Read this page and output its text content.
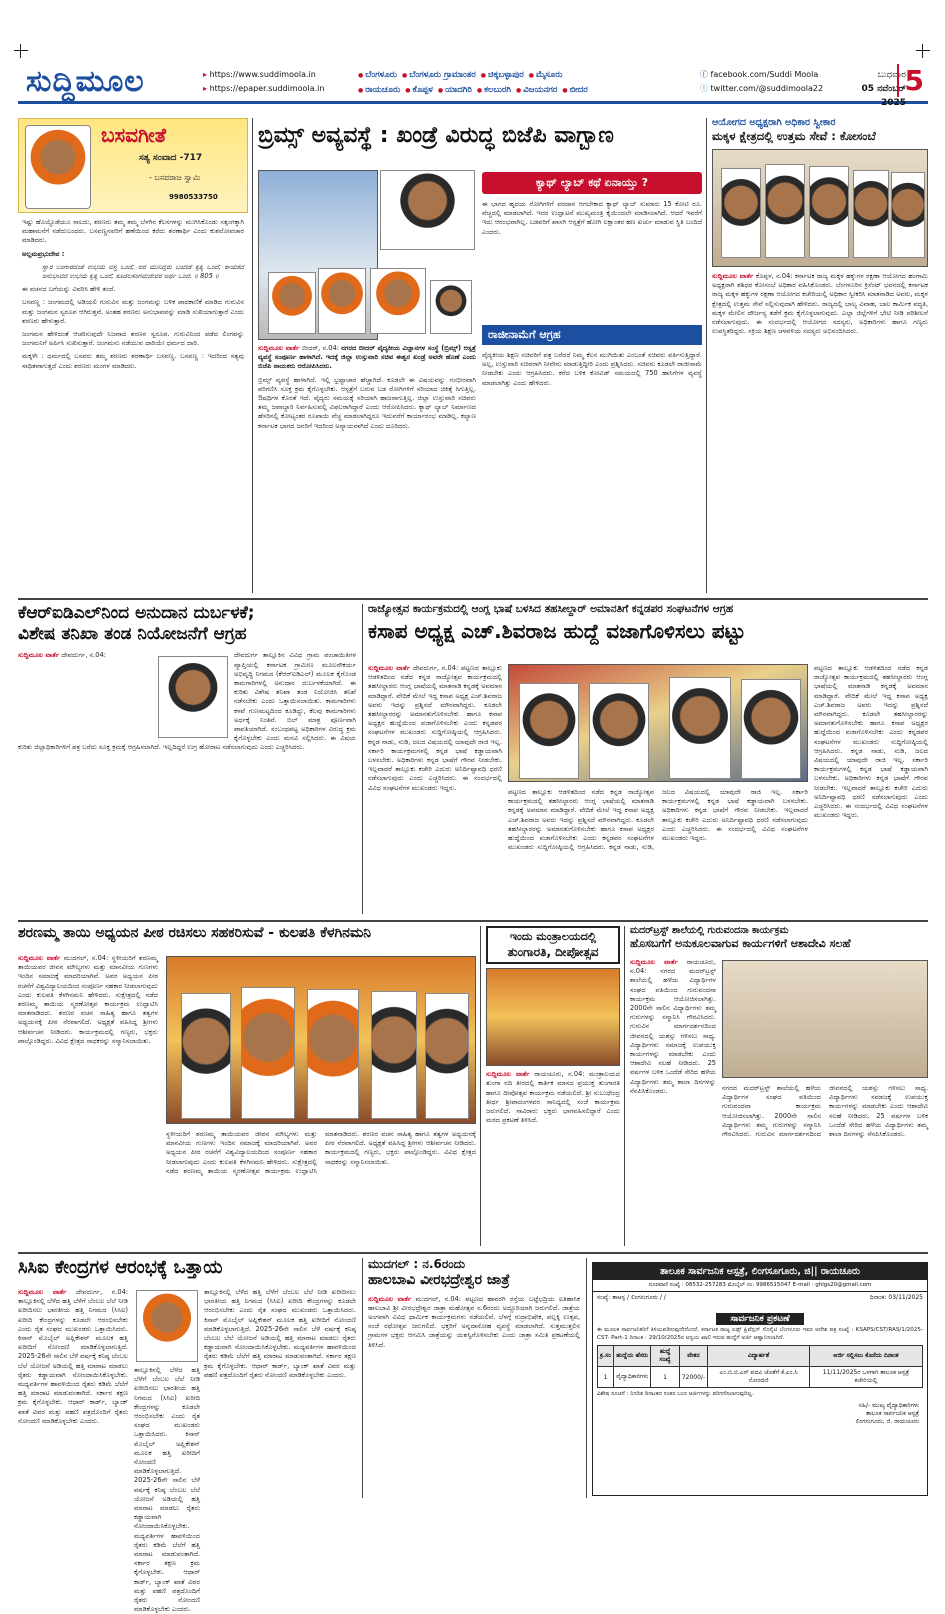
ಸುದ್ದಿಮೂಲ	▸ https://www.suddimoola.in
▸ https://epaper.suddimoola.in
● ಬೆಂಗಳೂರು ● ಬೆಂಗಳೂರು ಗ್ರಾಮಾಂತರ ● ಚಿಕ್ಕಬಳ್ಳಾಪುರ ● ಮೈಸೂರು
● ರಾಯಚೂರು ● ಕೊಪ್ಪಳ ● ಯಾದಗಿರಿ ● ಕಲಬುರಗಿ ● ವಿಜಯನಗರ ● ಬೀದರ
ⓕ facebook.com/Suddi Moola
ⓣ twitter.com/@suddimoola22
ಬುಧವಾರ
05 ನವೆಂಬರ್ 2025
5
ಬಸವಗೀತೆ
ಸತ್ಯ ಸಂವಾದ -717
- ಬಸವರಾಜ ಸ್ವಾಮಿ
9980533750

ಇಷ್ಟು ಹೊಯ್ದೊಡೆಯೂ ಸಾಲದು, ಶರಣರು ತಮ್ಮ ತಮ್ಮ ಬೆಳಗಿನ ಕೆಲಸಗಳನ್ನು ಮುಗಿಸಿಕೊಂಡು ಸತ್ಸಂಗಕ್ಕಾಗಿ ಮಹಾಮನೆಗೆ ನಡೆದುಬಂದರು. ಬಸವಣ್ಣನವರಿಗೆ ಹಣೆಯಿಂದ ಕರೆದು ಶರಣಾರ್ಥಿ ಎಂದು ಕುಶಲೋಪಚಾರ ಮಾಡಿದರು.

ಅಲ್ಲಮಪ್ರಭುದೇವ :

ಸ್ವಾರ ಬಂಗಾರದಂತೆ ಉಭಯ ವಸ್ತ ಒಂದೆ; ಆರ ಮುನಿದ್ದರು ಬಂದಡೆ ಕೃತ್ಯ ಒಂದೆ; ಕಾಯಕದ ಅನುಭಾವದ ಉಭಯ ಕೃತ್ಯ ಒಂದೆ; ಕೂಡಲಸಂಗಮದೇವರ ಅರ್ಥ ಒಂದೆ. ॥ 805 ॥

ಈ ವಚನದ ಬಗೆಯನ್ನು ವಿವರಿಸಿ ಹೇಳಿ ತಂದೆ.

ಬಸವಣ್ಣ : ಜಂಗಮದಲ್ಲಿ ಅಡಿಯಲಿ ಗುರುವಿನ ಮತ್ತು ಜಂಗಮನ್ನು ಬಳಿಕ ಪಾದಕಾಣಿಕೆ ಮಾಡಿದ ಗುರುವಿನ ಮತ್ತು ಜಂಗಮನ ಸ್ವರೂಪ ಆಗಿರುತ್ತವೆ. ಅಂತಹ ಶರಣರು ಅನುಭಾವವನ್ನು ಮಾಡಿ ಸುಖಿಯಾಗುತ್ತಾರೆ ಎಂದು ಶರಣರು ಹೇಳುತ್ತಾರೆ.

ಜಂಗಮನ ಹೇಳಿದಂತೆ ಆಚರಿಸುವುದೇ ನಿಜವಾದ ಶರಣನ ಸ್ವರೂಪ. ಗುರುವಿನಿಂದ ಪಡೆದ ಲಿಂಗವನ್ನು ಜಂಗಮನಿಗೆ ಅರ್ಪಿಸಿ ಸುಖಿಸುತ್ತಾರೆ. ಜಂಗಮನು ನಡೆಯುವ ದಾರಿಯೇ ಧರ್ಮದ ದಾರಿ.

ಮಕ್ಕಳೇ : ಧರ್ಮದಲ್ಲಿ ಬಸವರು ತಮ್ಮ ಶರಣರು ಶರಣಾರ್ಥಿ ಬಸವಣ್ಣ. ಬಸವಣ್ಣ : ಇದರಿಂದ ಸತ್ಯವು ಸಾಧಿತವಾಗುತ್ತದೆ ಎಂದು ಶರಣರು ಮಂಗಳ ಮಾಡಿದರು.

ಬ್ರಿಮ್ಸ್ ಅವ್ಯವಸ್ಥೆ : ಖಂಡ್ರೆ ವಿರುದ್ಧ ಬಿಜೆಪಿ ವಾಗ್ಬಾಣ

ಸುದ್ದಿಮೂಲ ವಾರ್ತೆ ಬೀದರ್, ನ.04: ನಗರದ ಬೀದರ್ ವೈದ್ಯಕೀಯ ವಿಜ್ಞಾನಗಳ ಸಂಸ್ಥೆ (ಬ್ರಿಮ್ಸ್) ಆಸ್ಪತ್ರೆ ವ್ಯವಸ್ಥೆ ಸಂಪೂರ್ಣ ಹಾಳಾಗಿದೆ. ಇದಕ್ಕೆ ಜಿಲ್ಲಾ ಉಸ್ತುವಾರಿ ಸಚಿವ ಈಶ್ವರ ಖಂಡ್ರೆ ಅವರೇ ಹೊಣೆ ಎಂದು ಬಿಜೆಪಿ ನಾಯಕರು ಆರೋಪಿಸಿದರು.

ಬ್ರಿಮ್ಸ್ ವ್ಯವಸ್ಥೆ ಹಾಳಾಗಿದೆ. ಇಲ್ಲಿ ಭ್ರಷ್ಟಾಚಾರ ಹೆಚ್ಚಾಗಿದೆ. ಕೂಡಲೇ ಈ ವಿಷಯವನ್ನು ಗಂಭೀರವಾಗಿ ಪರಿಗಣಿಸಿ ಸೂಕ್ತ ಕ್ರಮ ಕೈಗೊಳ್ಳಬೇಕು. ಆಸ್ಪತ್ರೆಗೆ ಬರುವ ಬಡ ರೋಗಿಗಳಿಗೆ ಸರಿಯಾದ ಚಿಕಿತ್ಸೆ ಸಿಗುತ್ತಿಲ್ಲ. ಔಷಧಿಗಳ ಕೊರತೆ ಇದೆ. ವೈದ್ಯರು ಸಮಯಕ್ಕೆ ಸರಿಯಾಗಿ ಹಾಜರಾಗುತ್ತಿಲ್ಲ. ಜಿಲ್ಲಾ ಉಸ್ತುವಾರಿ ಸಚಿವರು ತಮ್ಮ ಜವಾಬ್ದಾರಿ ನಿರ್ವಹಿಸುವಲ್ಲಿ ವಿಫಲರಾಗಿದ್ದಾರೆ ಎಂದು ಆರೋಪಿಸಿದರು. ಕ್ಯಾಥ್ ಲ್ಯಾಬ್ ನಿರ್ಮಾಣದ ಹೆಸರಿನಲ್ಲಿ ಕೋಟ್ಯಂತರ ರೂಪಾಯಿ ವೆಚ್ಚ ಮಾಡಲಾಗಿದ್ದರೂ ಇದುವರೆಗೆ ಕಾರ್ಯಾರಂಭ ಮಾಡಿಲ್ಲ. ಕಲ್ಯಾಣ ಕರ್ನಾಟಕ ಭಾಗದ ಜನರಿಗೆ ಇದರಿಂದ ಅನ್ಯಾಯವಾಗಿದೆ ಎಂದು ದೂರಿದರು.

ಕ್ಯಾಥ್ ಲ್ಯಾಬ್ ಕಥೆ ಏನಾಯ್ತು ?
ಈ ಭಾಗದ ಹೃದಯ ರೋಗಿಗಳಿಗೆ ವರದಾನ ಆಗಬೇಕಾದ ಕ್ಯಾಥ್ ಲ್ಯಾಬ್ ಸುಮಾರು 15 ಕೋಟಿ ರೂ. ವೆಚ್ಚದಲ್ಲಿ ಮಾಡಲಾಗಿದೆ. ಇದರ ಉದ್ಘಾಟನೆ ಮುಖ್ಯಮಂತ್ರಿ ಕೈಯಿಂದಲೇ ಮಾಡಿಸಲಾಗಿದೆ. ಆದರೆ ಇವರೆಗೆ ಇದು ಆರಂಭವಾಗಿಲ್ಲ. ಬಡವರಿಗೆ ಖಾಸಗಿ ಆಸ್ಪತ್ರೆಗೆ ಹೋಗಿ ಲಕ್ಷಾಂತರ ಹಣ ಖರ್ಚು ಮಾಡುವ ಸ್ಥಿತಿ ಬಂದಿದೆ ಎಂದರು.
ರಾಜೀನಾಮೆಗೆ ಆಗ್ರಹ
ವೈದ್ಯಕೀಯ ಶಿಕ್ಷಣ ಸಚಿವರಿಗೆ ಪತ್ರ ಬರೆದರೆ ನಿಮ್ಮ ಕೆಲಸ ಮುಗಿಯಿತು ಎಂಬಂತೆ ಸಚಿವರು ವರ್ತಿಸುತ್ತಿದ್ದಾರೆ. ಅಲ್ಲ, ಉಸ್ತುವಾರಿ ಸಚಿವರಾಗಿ ನೀವೇನು ಮಾಡುತ್ತಿದ್ದೀರಿ ಎಂದು ಪ್ರಶ್ನಿಸಿದರು. ಸಚಿವರು ಕೂಡಲೇ ರಾಜೀನಾಮೆ ನೀಡಬೇಕು ಎಂದು ಆಗ್ರಹಿಸಿದರು. ಕರೆದ ಬಳಿಕ ಕೋವಿಡ್‌ ಸಮಯದಲ್ಲಿ 750 ಹಾಸಿಗೆಗಳ ವ್ಯವಸ್ಥೆ ಮಾಡಲಾಗಿತ್ತು ಎಂದು ಹೇಳಿದರು.
ಆಯೋಗದ ಅಧ್ಯಕ್ಷರಾಗಿ ಅಧಿಕಾರ ಸ್ವೀಕಾರ
ಮಕ್ಕಳ ಕ್ಷೇತ್ರದಲ್ಲಿ ಉತ್ತಮ ಸೇವೆ : ಕೋಸಂಬೆ

ಸುದ್ದಿಮೂಲ ವಾರ್ತೆ ಕೊಪ್ಪಳ, ನ.04: ಕರ್ನಾಟಕ ರಾಜ್ಯ ಮಕ್ಕಳ ಹಕ್ಕುಗಳ ರಕ್ಷಣಾ ಆಯೋಗದ ಹಂಗಾಮಿ ಅಧ್ಯಕ್ಷರಾಗಿ ಶಶಿಧರ ಕೋಸಂಬೆ ಅಧಿಕಾರ ವಹಿಸಿಕೊಂಡರು. ಬೆಂಗಳೂರಿನ ಕ್ರಿಸೆಂಟ್ ಭವನದಲ್ಲಿ ಕರ್ನಾಟಕ ರಾಜ್ಯ ಮಕ್ಕಳ ಹಕ್ಕುಗಳ ರಕ್ಷಣಾ ಆಯೋಗದ ಕಚೇರಿಯಲ್ಲಿ ಅಧಿಕಾರ ಸ್ವೀಕರಿಸಿ ಮಾತನಾಡಿದ ಅವರು, ಮಕ್ಕಳ ಕ್ಷೇತ್ರದಲ್ಲಿ ಉತ್ತಮ ಸೇವೆ ಸಲ್ಲಿಸುವುದಾಗಿ ಹೇಳಿದರು. ರಾಜ್ಯದಲ್ಲಿ ಬಾಲ್ಯ ವಿವಾಹ, ಬಾಲ ಕಾರ್ಮಿಕ ಪದ್ಧತಿ, ಮಕ್ಕಳ ಮೇಲಿನ ದೌರ್ಜನ್ಯ ತಡೆಗೆ ಕ್ರಮ ಕೈಗೊಳ್ಳಲಾಗುವುದು. ಎಲ್ಲಾ ಜಿಲ್ಲೆಗಳಿಗೆ ಭೇಟಿ ನೀಡಿ ಪರಿಶೀಲನೆ ನಡೆಸಲಾಗುವುದು. ಈ ಸಂದರ್ಭದಲ್ಲಿ ಆಯೋಗದ ಸದಸ್ಯರು, ಅಧಿಕಾರಿಗಳು ಹಾಗೂ ಗಣ್ಯರು ಉಪಸ್ಥಿತರಿದ್ದರು. ಸಕ್ರಿಯ ಶಿಕ್ಷಣ ಚಳವಳಿಯ ಸದಸ್ಯರು ಅಭಿನಂದಿಸಿದರು.

ಕೆಆರ್‌ಐಡಿಎಲ್‌ನಿಂದ ಅನುದಾನ ದುರ್ಬಳಕೆ;
ವಿಶೇಷ ತನಿಖಾ ತಂಡ ನಿಯೋಜನೆಗೆ ಆಗ್ರಹ

ಸುದ್ದಿಮೂಲ ವಾರ್ತೆ ದೇವದುರ್ಗ, ನ.04:	ದೇವದುರ್ಗ ತಾಲ್ಲೂಕಿನ ವಿವಿಧ ಗ್ರಾಮ ಪಂಚಾಯಿತಿಗಳ ವ್ಯಾಪ್ತಿಯಲ್ಲಿ ಕರ್ನಾಟಕ ಗ್ರಾಮೀಣ ಮೂಲಸೌಕರ್ಯ ಅಭಿವೃದ್ಧಿ ನಿಗಮದ (ಕೆಆರ್‌ಐಡಿಎಲ್) ಮೂಲಕ ಕೈಗೊಂಡ ಕಾಮಗಾರಿಗಳಲ್ಲಿ ಅನುದಾನ ದುರ್ಬಳಕೆಯಾಗಿದೆ. ಈ ಕುರಿತು ವಿಶೇಷ ತನಿಖಾ ತಂಡ ನಿಯೋಜಿಸಿ ತನಿಖೆ ನಡೆಸಬೇಕು ಎಂದು ಒತ್ತಾಯಿಸಲಾಯಿತು. ಕಾಮಗಾರಿಗಳು ಕಳಪೆ ಗುಣಮಟ್ಟದಿಂದ ಕೂಡಿದ್ದು, ಕೆಲವು ಕಾಮಗಾರಿಗಳು ಅರ್ಧಕ್ಕೆ ನಿಂತಿವೆ. ಬಿಲ್ ಮಾತ್ರ ಪೂರ್ಣವಾಗಿ ಪಾವತಿಯಾಗಿದೆ. ಸಂಬಂಧಪಟ್ಟ ಅಧಿಕಾರಿಗಳ ವಿರುದ್ಧ ಕ್ರಮ ಕೈಗೊಳ್ಳಬೇಕು ಎಂದು ಮನವಿ ಸಲ್ಲಿಸಿದರು. ಈ ವಿಷಯ ಕುರಿತು ಜಿಲ್ಲಾಧಿಕಾರಿಗಳಿಗೆ ಪತ್ರ ಬರೆದು ಸೂಕ್ತ ಕ್ರಮಕ್ಕೆ ಆಗ್ರಹಿಸಲಾಗಿದೆ. ಇಲ್ಲದಿದ್ದರೆ ಉಗ್ರ ಹೋರಾಟ ನಡೆಸಲಾಗುವುದು ಎಂದು ಎಚ್ಚರಿಸಿದರು.

ರಾಜ್ಯೋತ್ಸವ ಕಾರ್ಯಕ್ರಮದಲ್ಲಿ ಆಂಗ್ಲ ಭಾಷೆ ಬಳಸಿದ ತಹಸೀಲ್ದಾರ್ ಅಮಾನತಿಗೆ ಕನ್ನಡಪರ ಸಂಘಟನೆಗಳ ಆಗ್ರಹ
ಕಸಾಪ ಅಧ್ಯಕ್ಷ ಎಚ್.ಶಿವರಾಜ ಹುದ್ದೆ ವಜಾಗೊಳಿಸಲು ಪಟ್ಟು

ಸುದ್ದಿಮೂಲ ವಾರ್ತೆ ದೇವದುರ್ಗ, ನ.04: ಪಟ್ಟಣದ ತಾಲ್ಲೂಕು ಆಡಳಿತದಿಂದ ನಡೆದ ಕನ್ನಡ ರಾಜ್ಯೋತ್ಸವ ಕಾರ್ಯಕ್ರಮದಲ್ಲಿ ತಹಸೀಲ್ದಾರರು ಆಂಗ್ಲ ಭಾಷೆಯಲ್ಲಿ ಮಾತನಾಡಿ ಕನ್ನಡಕ್ಕೆ ಅವಮಾನ ಮಾಡಿದ್ದಾರೆ. ವೇದಿಕೆ ಮೇಲೆ ಇದ್ದ ಕಸಾಪ ಅಧ್ಯಕ್ಷ ಎಚ್.ಶಿವರಾಜ ಅವರು ಇದನ್ನು ಪ್ರಶ್ನಿಸದೆ ಮೌನವಾಗಿದ್ದರು. ಕೂಡಲೇ ತಹಸೀಲ್ದಾರರನ್ನು ಅಮಾನತುಗೊಳಿಸಬೇಕು ಹಾಗೂ ಕಸಾಪ ಅಧ್ಯಕ್ಷರ ಹುದ್ದೆಯಿಂದ ವಜಾಗೊಳಿಸಬೇಕು ಎಂದು ಕನ್ನಡಪರ ಸಂಘಟನೆಗಳ ಮುಖಂಡರು ಸುದ್ದಿಗೋಷ್ಠಿಯಲ್ಲಿ ಆಗ್ರಹಿಸಿದರು. ಕನ್ನಡ ನಾಡು, ನುಡಿ, ಜಲದ ವಿಷಯದಲ್ಲಿ ಯಾವುದೇ ರಾಜಿ ಇಲ್ಲ. ಸರ್ಕಾರಿ ಕಾರ್ಯಕ್ರಮಗಳಲ್ಲಿ ಕನ್ನಡ ಭಾಷೆ ಕಡ್ಡಾಯವಾಗಿ ಬಳಸಬೇಕು. ಅಧಿಕಾರಿಗಳು ಕನ್ನಡ ಭಾಷೆಗೆ ಗೌರವ ನೀಡಬೇಕು. ಇಲ್ಲವಾದರೆ ತಾಲ್ಲೂಕು ಕಚೇರಿ ಎದುರು ಅನಿರ್ದಿಷ್ಟಾವಧಿ ಧರಣಿ ನಡೆಸಲಾಗುವುದು ಎಂದು ಎಚ್ಚರಿಸಿದರು. ಈ ಸಂದರ್ಭದಲ್ಲಿ ವಿವಿಧ ಸಂಘಟನೆಗಳ ಮುಖಂಡರು ಇದ್ದರು.

ಪಟ್ಟಣದ ತಾಲ್ಲೂಕು ಆಡಳಿತದಿಂದ ನಡೆದ ಕನ್ನಡ ರಾಜ್ಯೋತ್ಸವ ಕಾರ್ಯಕ್ರಮದಲ್ಲಿ ತಹಸೀಲ್ದಾರರು ಆಂಗ್ಲ ಭಾಷೆಯಲ್ಲಿ ಮಾತನಾಡಿ ಕನ್ನಡಕ್ಕೆ ಅವಮಾನ ಮಾಡಿದ್ದಾರೆ. ವೇದಿಕೆ ಮೇಲೆ ಇದ್ದ ಕಸಾಪ ಅಧ್ಯಕ್ಷ ಎಚ್.ಶಿವರಾಜ ಅವರು ಇದನ್ನು ಪ್ರಶ್ನಿಸದೆ ಮೌನವಾಗಿದ್ದರು. ಕೂಡಲೇ ತಹಸೀಲ್ದಾರರನ್ನು ಅಮಾನತುಗೊಳಿಸಬೇಕು ಹಾಗೂ ಕಸಾಪ ಅಧ್ಯಕ್ಷರ ಹುದ್ದೆಯಿಂದ ವಜಾಗೊಳಿಸಬೇಕು ಎಂದು ಕನ್ನಡಪರ ಸಂಘಟನೆಗಳ ಮುಖಂಡರು ಸುದ್ದಿಗೋಷ್ಠಿಯಲ್ಲಿ ಆಗ್ರಹಿಸಿದರು. ಕನ್ನಡ ನಾಡು, ನುಡಿ, ಜಲದ ವಿಷಯದಲ್ಲಿ ಯಾವುದೇ ರಾಜಿ ಇಲ್ಲ. ಸರ್ಕಾರಿ ಕಾರ್ಯಕ್ರಮಗಳಲ್ಲಿ ಕನ್ನಡ ಭಾಷೆ ಕಡ್ಡಾಯವಾಗಿ ಬಳಸಬೇಕು. ಅಧಿಕಾರಿಗಳು ಕನ್ನಡ ಭಾಷೆಗೆ ಗೌರವ ನೀಡಬೇಕು. ಇಲ್ಲವಾದರೆ ತಾಲ್ಲೂಕು ಕಚೇರಿ ಎದುರು ಅನಿರ್ದಿಷ್ಟಾವಧಿ ಧರಣಿ ನಡೆಸಲಾಗುವುದು ಎಂದು ಎಚ್ಚರಿಸಿದರು. ಈ ಸಂದರ್ಭದಲ್ಲಿ ವಿವಿಧ ಸಂಘಟನೆಗಳ ಮುಖಂಡರು ಇದ್ದರು.
ಪಟ್ಟಣದ ತಾಲ್ಲೂಕು ಆಡಳಿತದಿಂದ ನಡೆದ ಕನ್ನಡ ರಾಜ್ಯೋತ್ಸವ ಕಾರ್ಯಕ್ರಮದಲ್ಲಿ ತಹಸೀಲ್ದಾರರು ಆಂಗ್ಲ ಭಾಷೆಯಲ್ಲಿ ಮಾತನಾಡಿ ಕನ್ನಡಕ್ಕೆ ಅವಮಾನ ಮಾಡಿದ್ದಾರೆ. ವೇದಿಕೆ ಮೇಲೆ ಇದ್ದ ಕಸಾಪ ಅಧ್ಯಕ್ಷ ಎಚ್.ಶಿವರಾಜ ಅವರು ಇದನ್ನು ಪ್ರಶ್ನಿಸದೆ ಮೌನವಾಗಿದ್ದರು. ಕೂಡಲೇ ತಹಸೀಲ್ದಾರರನ್ನು ಅಮಾನತುಗೊಳಿಸಬೇಕು ಹಾಗೂ ಕಸಾಪ ಅಧ್ಯಕ್ಷರ ಹುದ್ದೆಯಿಂದ ವಜಾಗೊಳಿಸಬೇಕು ಎಂದು ಕನ್ನಡಪರ ಸಂಘಟನೆಗಳ ಮುಖಂಡರು ಸುದ್ದಿಗೋಷ್ಠಿಯಲ್ಲಿ ಆಗ್ರಹಿಸಿದರು. ಕನ್ನಡ ನಾಡು, ನುಡಿ, ಜಲದ ವಿಷಯದಲ್ಲಿ ಯಾವುದೇ ರಾಜಿ ಇಲ್ಲ. ಸರ್ಕಾರಿ ಕಾರ್ಯಕ್ರಮಗಳಲ್ಲಿ ಕನ್ನಡ ಭಾಷೆ ಕಡ್ಡಾಯವಾಗಿ ಬಳಸಬೇಕು. ಅಧಿಕಾರಿಗಳು ಕನ್ನಡ ಭಾಷೆಗೆ ಗೌರವ ನೀಡಬೇಕು. ಇಲ್ಲವಾದರೆ ತಾಲ್ಲೂಕು ಕಚೇರಿ ಎದುರು ಅನಿರ್ದಿಷ್ಟಾವಧಿ ಧರಣಿ ನಡೆಸಲಾಗುವುದು ಎಂದು ಎಚ್ಚರಿಸಿದರು. ಈ ಸಂದರ್ಭದಲ್ಲಿ ವಿವಿಧ ಸಂಘಟನೆಗಳ ಮುಖಂಡರು ಇದ್ದರು.
ಶರಣಮ್ಮ ತಾಯಿ ಅಧ್ಯಯನ ಪೀಠ ರಚಿಸಲು ಸಹಕರಿಸುವೆ - ಕುಲಪತಿ ಕೆಳಗಿನಮನಿ

ಸುದ್ದಿಮೂಲ ವಾರ್ತೆ ಮುದಗಲ್, ನ.04: ಸ್ಥಳೀಯರಿಗೆ ಶರಣಮ್ಮ ತಾಯಿಯವರ ಜೀವನ ಮೌಲ್ಯಗಳು ಮತ್ತು ಮಾನವೀಯ ಗುಣಗಳು ಇಂದಿನ ಸಮಾಜಕ್ಕೆ ಮಾದರಿಯಾಗಿವೆ. ಅವರ ಅಧ್ಯಯನ ಪೀಠ ರಚನೆಗೆ ವಿಶ್ವವಿದ್ಯಾಲಯದಿಂದ ಸಂಪೂರ್ಣ ಸಹಕಾರ ನೀಡಲಾಗುವುದು ಎಂದು ಕುಲಪತಿ ಕೆಳಗಿನಮನಿ ಹೇಳಿದರು. ಸುಕ್ಷೇತ್ರದಲ್ಲಿ ನಡೆದ ಶರಣಮ್ಮ ತಾಯಿಯ ಸ್ಮರಣೋತ್ಸವ ಕಾರ್ಯಕ್ರಮ ಉದ್ಘಾಟಿಸಿ ಮಾತನಾಡಿದರು. ಶರಣರ ವಚನ ಸಾಹಿತ್ಯ ಹಾಗೂ ತತ್ವಗಳ ಅಧ್ಯಯನಕ್ಕೆ ಪೀಠ ನೆರವಾಗಲಿದೆ. ಅಧ್ಯಕ್ಷತೆ ವಹಿಸಿದ್ದ ಶ್ರೀಗಳು ಆಶೀರ್ವಚನ ನೀಡಿದರು. ಕಾರ್ಯಕ್ರಮದಲ್ಲಿ ಗಣ್ಯರು, ಭಕ್ತರು ಪಾಲ್ಗೊಂಡಿದ್ದರು. ವಿವಿಧ ಕ್ಷೇತ್ರದ ಸಾಧಕರನ್ನು ಸನ್ಮಾನಿಸಲಾಯಿತು.

ಸ್ಥಳೀಯರಿಗೆ ಶರಣಮ್ಮ ತಾಯಿಯವರ ಜೀವನ ಮೌಲ್ಯಗಳು ಮತ್ತು ಮಾನವೀಯ ಗುಣಗಳು ಇಂದಿನ ಸಮಾಜಕ್ಕೆ ಮಾದರಿಯಾಗಿವೆ. ಅವರ ಅಧ್ಯಯನ ಪೀಠ ರಚನೆಗೆ ವಿಶ್ವವಿದ್ಯಾಲಯದಿಂದ ಸಂಪೂರ್ಣ ಸಹಕಾರ ನೀಡಲಾಗುವುದು ಎಂದು ಕುಲಪತಿ ಕೆಳಗಿನಮನಿ ಹೇಳಿದರು. ಸುಕ್ಷೇತ್ರದಲ್ಲಿ ನಡೆದ ಶರಣಮ್ಮ ತಾಯಿಯ ಸ್ಮರಣೋತ್ಸವ ಕಾರ್ಯಕ್ರಮ ಉದ್ಘಾಟಿಸಿ ಮಾತನಾಡಿದರು. ಶರಣರ ವಚನ ಸಾಹಿತ್ಯ ಹಾಗೂ ತತ್ವಗಳ ಅಧ್ಯಯನಕ್ಕೆ ಪೀಠ ನೆರವಾಗಲಿದೆ. ಅಧ್ಯಕ್ಷತೆ ವಹಿಸಿದ್ದ ಶ್ರೀಗಳು ಆಶೀರ್ವಚನ ನೀಡಿದರು. ಕಾರ್ಯಕ್ರಮದಲ್ಲಿ ಗಣ್ಯರು, ಭಕ್ತರು ಪಾಲ್ಗೊಂಡಿದ್ದರು. ವಿವಿಧ ಕ್ಷೇತ್ರದ ಸಾಧಕರನ್ನು ಸನ್ಮಾನಿಸಲಾಯಿತು.
ಇಂದು ಮಂತ್ರಾಲಯದಲ್ಲಿ
ತುಂಗಾರತಿ, ದೀಪೋತ್ಸವ

ಸುದ್ದಿಮೂಲ ವಾರ್ತೆ ರಾಯಚೂರು, ನ.04: ಮಂತ್ರಾಲಯದ ತುಂಗಾ ನದಿ ತೀರದಲ್ಲಿ ಕಾರ್ತಿಕ ಮಾಸದ ಪ್ರಯುಕ್ತ ತುಂಗಾರತಿ ಹಾಗೂ ದೀಪೋತ್ಸವ ಕಾರ್ಯಕ್ರಮ ನಡೆಯಲಿದೆ. ಶ್ರೀ ಸುಬುಧೇಂದ್ರ ತೀರ್ಥ ಶ್ರೀಪಾದಂಗಳವರ ಸಾನಿಧ್ಯದಲ್ಲಿ ಸಂಜೆ ಕಾರ್ಯಕ್ರಮ ಜರುಗಲಿದೆ. ಸಾವಿರಾರು ಭಕ್ತರು ಭಾಗವಹಿಸಲಿದ್ದಾರೆ ಎಂದು ಮಠದ ಪ್ರಕಟಣೆ ತಿಳಿಸಿದೆ.

ಮದರ್‌ಟ್ರಸ್ಟ್ ಶಾಲೆಯಲ್ಲಿ ಗುರುವಂದನಾ ಕಾರ್ಯಕ್ರಮ
ಹೊಸಬಗೆಗೆ ಅನುಕೂಲವಾಗುವ ಕಾರ್ಯಗಳಿಗೆ ಆಶಾದೇವಿ ಸಲಹೆ

ಸುದ್ದಿಮೂಲ ವಾರ್ತೆ ರಾಯಚೂರು, ನ.04: ನಗರದ ಮದರ್‌ಟ್ರಸ್ಟ್ ಶಾಲೆಯಲ್ಲಿ ಹಳೆಯ ವಿದ್ಯಾರ್ಥಿಗಳ ಸಂಘದ ವತಿಯಿಂದ ಗುರುವಂದನಾ ಕಾರ್ಯಕ್ರಮ ಆಯೋಜಿಸಲಾಗಿತ್ತು. 2000ನೇ ಸಾಲಿನ ವಿದ್ಯಾರ್ಥಿಗಳು ತಮ್ಮ ಗುರುಗಳನ್ನು ಸನ್ಮಾನಿಸಿ ಗೌರವಿಸಿದರು. ಗುರುವಿನ ಮಾರ್ಗದರ್ಶನದಿಂದ ಜೀವನದಲ್ಲಿ ಯಶಸ್ಸು ಗಳಿಸಲು ಸಾಧ್ಯ. ವಿದ್ಯಾರ್ಥಿಗಳು ಸಮಾಜಕ್ಕೆ ಉಪಯುಕ್ತ ಕಾರ್ಯಗಳನ್ನು ಮಾಡಬೇಕು ಎಂದು ಆಶಾದೇವಿ ಸಲಹೆ ನೀಡಿದರು. 25 ವರ್ಷಗಳ ಬಳಿಕ ಒಂದೆಡೆ ಸೇರಿದ ಹಳೆಯ ವಿದ್ಯಾರ್ಥಿಗಳು ತಮ್ಮ ಶಾಲಾ ದಿನಗಳನ್ನು ನೆನಪಿಸಿಕೊಂಡರು.	ನಗರದ ಮದರ್‌ಟ್ರಸ್ಟ್ ಶಾಲೆಯಲ್ಲಿ ಹಳೆಯ ವಿದ್ಯಾರ್ಥಿಗಳ ಸಂಘದ ವತಿಯಿಂದ ಗುರುವಂದನಾ ಕಾರ್ಯಕ್ರಮ ಆಯೋಜಿಸಲಾಗಿತ್ತು. 2000ನೇ ಸಾಲಿನ ವಿದ್ಯಾರ್ಥಿಗಳು ತಮ್ಮ ಗುರುಗಳನ್ನು ಸನ್ಮಾನಿಸಿ ಗೌರವಿಸಿದರು. ಗುರುವಿನ ಮಾರ್ಗದರ್ಶನದಿಂದ ಜೀವನದಲ್ಲಿ ಯಶಸ್ಸು ಗಳಿಸಲು ಸಾಧ್ಯ. ವಿದ್ಯಾರ್ಥಿಗಳು ಸಮಾಜಕ್ಕೆ ಉಪಯುಕ್ತ ಕಾರ್ಯಗಳನ್ನು ಮಾಡಬೇಕು ಎಂದು ಆಶಾದೇವಿ ಸಲಹೆ ನೀಡಿದರು. 25 ವರ್ಷಗಳ ಬಳಿಕ ಒಂದೆಡೆ ಸೇರಿದ ಹಳೆಯ ವಿದ್ಯಾರ್ಥಿಗಳು ತಮ್ಮ ಶಾಲಾ ದಿನಗಳನ್ನು ನೆನಪಿಸಿಕೊಂಡರು.
ಸಿಸಿಐ ಕೇಂದ್ರಗಳ ಆರಂಭಕ್ಕೆ ಒತ್ತಾಯ

ಸುದ್ದಿಮೂಲ ವಾರ್ತೆ ದೇವದುರ್ಗ, ನ.04: ತಾಲ್ಲೂಕಿನಲ್ಲಿ ಬೆಳೆದ ಹತ್ತಿ ಬೆಳೆಗೆ ಬೆಂಬಲ ಬೆಲೆ ನೀಡಿ ಖರೀದಿಸಲು ಭಾರತೀಯ ಹತ್ತಿ ನಿಗಮದ (ಸಿಸಿಐ) ಖರೀದಿ ಕೇಂದ್ರಗಳನ್ನು ಕೂಡಲೇ ಆರಂಭಿಸಬೇಕು ಎಂದು ರೈತ ಸಂಘದ ಮುಖಂಡರು ಒತ್ತಾಯಿಸಿದರು. ಕಿಸಾನ್ ಮೊಬೈಲ್ ಅಪ್ಲಿಕೇಶನ್ ಮೂಲಕ ಹತ್ತಿ ಖರೀದಿಗೆ ನೋಂದಣಿ ಮಾಡಿಕೊಳ್ಳಲಾಗುತ್ತಿದೆ. 2025-26ನೇ ಸಾಲಿನ ಬೆಳೆ ವರ್ಷಕ್ಕೆ ಕನಿಷ್ಠ ಬೆಂಬಲ ಬೆಲೆ ಯೋಜನೆ ಅಡಿಯಲ್ಲಿ ಹತ್ತಿ ಮಾರಾಟ ಮಾಡಲು ರೈತರು ಕಡ್ಡಾಯವಾಗಿ ನೋಂದಾಯಿಸಿಕೊಳ್ಳಬೇಕು. ಮಧ್ಯವರ್ತಿಗಳ ಹಾವಳಿಯಿಂದ ರೈತರು ಕಡಿಮೆ ಬೆಲೆಗೆ ಹತ್ತಿ ಮಾರಾಟ ಮಾಡುವಂತಾಗಿದೆ. ಸರ್ಕಾರ ತಕ್ಷಣ ಕ್ರಮ ಕೈಗೊಳ್ಳಬೇಕು. ಆಧಾರ್ ಕಾರ್ಡ್, ಬ್ಯಾಂಕ್ ಖಾತೆ ವಿವರ ಮತ್ತು ಪಹಣಿ ಪತ್ರದೊಂದಿಗೆ ರೈತರು ನೋಂದಣಿ ಮಾಡಿಕೊಳ್ಳಬೇಕು ಎಂದರು.

ತಾಲ್ಲೂಕಿನಲ್ಲಿ ಬೆಳೆದ ಹತ್ತಿ ಬೆಳೆಗೆ ಬೆಂಬಲ ಬೆಲೆ ನೀಡಿ ಖರೀದಿಸಲು ಭಾರತೀಯ ಹತ್ತಿ ನಿಗಮದ (ಸಿಸಿಐ) ಖರೀದಿ ಕೇಂದ್ರಗಳನ್ನು ಕೂಡಲೇ ಆರಂಭಿಸಬೇಕು ಎಂದು ರೈತ ಸಂಘದ ಮುಖಂಡರು ಒತ್ತಾಯಿಸಿದರು. ಕಿಸಾನ್ ಮೊಬೈಲ್ ಅಪ್ಲಿಕೇಶನ್ ಮೂಲಕ ಹತ್ತಿ ಖರೀದಿಗೆ ನೋಂದಣಿ ಮಾಡಿಕೊಳ್ಳಲಾಗುತ್ತಿದೆ. 2025-26ನೇ ಸಾಲಿನ ಬೆಳೆ ವರ್ಷಕ್ಕೆ ಕನಿಷ್ಠ ಬೆಂಬಲ ಬೆಲೆ ಯೋಜನೆ ಅಡಿಯಲ್ಲಿ ಹತ್ತಿ ಮಾರಾಟ ಮಾಡಲು ರೈತರು ಕಡ್ಡಾಯವಾಗಿ ನೋಂದಾಯಿಸಿಕೊಳ್ಳಬೇಕು. ಮಧ್ಯವರ್ತಿಗಳ ಹಾವಳಿಯಿಂದ ರೈತರು ಕಡಿಮೆ ಬೆಲೆಗೆ ಹತ್ತಿ ಮಾರಾಟ ಮಾಡುವಂತಾಗಿದೆ. ಸರ್ಕಾರ ತಕ್ಷಣ ಕ್ರಮ ಕೈಗೊಳ್ಳಬೇಕು. ಆಧಾರ್ ಕಾರ್ಡ್, ಬ್ಯಾಂಕ್ ಖಾತೆ ವಿವರ ಮತ್ತು ಪಹಣಿ ಪತ್ರದೊಂದಿಗೆ ರೈತರು ನೋಂದಣಿ ಮಾಡಿಕೊಳ್ಳಬೇಕು ಎಂದರು.
ತಾಲ್ಲೂಕಿನಲ್ಲಿ ಬೆಳೆದ ಹತ್ತಿ ಬೆಳೆಗೆ ಬೆಂಬಲ ಬೆಲೆ ನೀಡಿ ಖರೀದಿಸಲು ಭಾರತೀಯ ಹತ್ತಿ ನಿಗಮದ (ಸಿಸಿಐ) ಖರೀದಿ ಕೇಂದ್ರಗಳನ್ನು ಕೂಡಲೇ ಆರಂಭಿಸಬೇಕು ಎಂದು ರೈತ ಸಂಘದ ಮುಖಂಡರು ಒತ್ತಾಯಿಸಿದರು. ಕಿಸಾನ್ ಮೊಬೈಲ್ ಅಪ್ಲಿಕೇಶನ್ ಮೂಲಕ ಹತ್ತಿ ಖರೀದಿಗೆ ನೋಂದಣಿ ಮಾಡಿಕೊಳ್ಳಲಾಗುತ್ತಿದೆ. 2025-26ನೇ ಸಾಲಿನ ಬೆಳೆ ವರ್ಷಕ್ಕೆ ಕನಿಷ್ಠ ಬೆಂಬಲ ಬೆಲೆ ಯೋಜನೆ ಅಡಿಯಲ್ಲಿ ಹತ್ತಿ ಮಾರಾಟ ಮಾಡಲು ರೈತರು ಕಡ್ಡಾಯವಾಗಿ ನೋಂದಾಯಿಸಿಕೊಳ್ಳಬೇಕು. ಮಧ್ಯವರ್ತಿಗಳ ಹಾವಳಿಯಿಂದ ರೈತರು ಕಡಿಮೆ ಬೆಲೆಗೆ ಹತ್ತಿ ಮಾರಾಟ ಮಾಡುವಂತಾಗಿದೆ. ಸರ್ಕಾರ ತಕ್ಷಣ ಕ್ರಮ ಕೈಗೊಳ್ಳಬೇಕು. ಆಧಾರ್ ಕಾರ್ಡ್, ಬ್ಯಾಂಕ್ ಖಾತೆ ವಿವರ ಮತ್ತು ಪಹಣಿ ಪತ್ರದೊಂದಿಗೆ ರೈತರು ನೋಂದಣಿ ಮಾಡಿಕೊಳ್ಳಬೇಕು ಎಂದರು.
ಮುದಗಲ್ : ನ.6ರಂದು
ಹಾಲಬಾವಿ ವೀರಭದ್ರೇಶ್ವರ ಜಾತ್ರೆ

ಸುದ್ದಿಮೂಲ ವಾರ್ತೆ ಮುದಗಲ್, ನ.04: ಪಟ್ಟಣದ ಹಾವರಗಿ ರಸ್ತೆಯ ಬಟ್ಟೆಭದ್ರಿಯ ಐತಿಹಾಸಿಕ ಹಾಲಬಾವಿ ಶ್ರೀ ವೀರಭದ್ರೇಶ್ವರ ಜಾತ್ರಾ ಮಹೋತ್ಸವ ನ.6ರಂದು ಅದ್ದೂರಿಯಾಗಿ ಜರುಗಲಿದೆ. ಜಾತ್ರೆಯ ಅಂಗವಾಗಿ ವಿವಿಧ ಧಾರ್ಮಿಕ ಕಾರ್ಯಕ್ರಮಗಳು ನಡೆಯಲಿವೆ. ಬೆಳಗ್ಗೆ ರುದ್ರಾಭಿಷೇಕ, ಪಲ್ಲಕ್ಕಿ ಉತ್ಸವ, ಸಂಜೆ ರಥೋತ್ಸವ ಜರುಗಲಿದೆ. ಭಕ್ತರಿಗೆ ಅನ್ನದಾಸೋಹ ವ್ಯವಸ್ಥೆ ಮಾಡಲಾಗಿದೆ. ಸುತ್ತಮುತ್ತಲಿನ ಗ್ರಾಮಗಳ ಭಕ್ತರು ಆಗಮಿಸಿ ಜಾತ್ರೆಯನ್ನು ಯಶಸ್ವಿಗೊಳಿಸಬೇಕು ಎಂದು ಜಾತ್ರಾ ಸಮಿತಿ ಪ್ರಕಟಣೆಯಲ್ಲಿ ತಿಳಿಸಿದೆ.

ತಾಲೂಕ ಸಾರ್ವಜನಿಕ ಆಸ್ಪತ್ರೆ, ಲಿಂಗಸೂಗೂರು, ಜಿ|| ರಾಯಚೂರು
ದೂರವಾಣಿ ಸಂಖ್ಯೆ : 08532-257283 ಮೊಬೈಲ್ ನಂ: 9986515047 E-mail : ghlgs20@gmail.com
ಸಂಖ್ಯೆ: ತಾಆಸ್ಪ / ಲಿಂಗಸುಗೂರು / /	ದಿನಾಂಕ: 03/11/2025
ಸಾರ್ವಜನಿಕ ಪ್ರಕಟಣೆ
ಈ ಮೂಲಕ ಸಾರ್ವಜನಿಕರಿಗೆ ತಿಳಿಯಪಡಿಸುವುದೇನೆಂದರೆ, ಕರ್ನಾಟಕ ರಾಜ್ಯ ಏಡ್ಸ್ ಪ್ರಿವೆನ್ಷನ್ ಸೊಸೈಟಿ ಬೆಂಗಳೂರು ಇವರ ಆದೇಶ ಪತ್ರ ಸಂಖ್ಯೆ : KSAPS/CST/RAS/1/2025-CST- Part-1 ದಿನಾಂಕ : 29/10/2025ರ ಅನ್ವಯ ಖಾಲಿ ಇರುವ ಹುದ್ದೆಗೆ ಅರ್ಜಿ ಆಹ್ವಾನಿಸಲಾಗಿದೆ.
ಕ್ರ.ಸಂ	ಹುದ್ದೆಯ ಹೆಸರು	ಹುದ್ದೆ ಸಂಖ್ಯೆ	ವೇತನ	ವಿದ್ಯಾರ್ಹತೆ	ಅರ್ಜಿ ಸಲ್ಲಿಸಲು ಕೊನೆಯ ದಿನಾಂಕ
1	ವೈದ್ಯಾಧಿಕಾರಿಗಳು	1	72000/-	ಎಂ.ಬಿ.ಬಿ.ಎಸ್ ಪದವಿ ಜೊತೆಗೆ ಕೆ.ಎಂ.ಸಿ ನೋಂದಣಿ	11/11/2025ರ ಒಳಗಾಗಿ ತಾಲೂಕ ಆಸ್ಪತ್ರೆ ಕಚೇರಿಯಲ್ಲಿ
ವಿಶೇಷ ಸೂಚನೆ : ನಿಗದಿತ ದಿನಾಂಕದ ನಂತರ ಬಂದ ಅರ್ಜಿಗಳನ್ನು ಪರಿಗಣಿಸಲಾಗುವುದಿಲ್ಲ.
ಸಹಿ/- ಮುಖ್ಯ ವೈದ್ಯಾಧಿಕಾರಿಗಳು
ತಾಲೂಕ ಸಾರ್ವಜನಿಕ ಆಸ್ಪತ್ರೆ
ಲಿಂಗಸುಗೂರು, ಜಿ. ರಾಯಚೂರು
